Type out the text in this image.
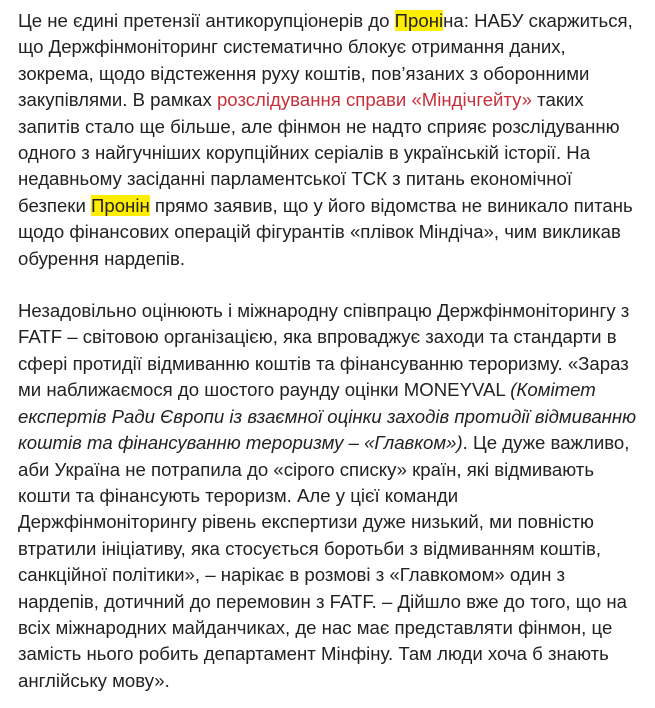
Це не єдині претензії антикорупціонерів до Проніна: НАБУ скаржиться, що Держфінмоніторинг систематично блокує отримання даних, зокрема, щодо відстеження руху коштів, пов’язаних з оборонними закупівлями. В рамках розслідування справи «Міндічгейту» таких запитів стало ще більше, але фінмон не надто сприяє розслідуванню одного з найгучніших корупційних серіалів в українській історії. На недавньому засіданні парламентської ТСК з питань економічної безпеки Пронін прямо заявив, що у його відомства не виникало питань щодо фінансових операцій фігурантів «плівок Міндіча», чим викликав обурення нардепів.

Незадовільно оцінюють і міжнародну співпрацю Держфінмоніторингу з FATF – світовою організацією, яка впроваджує заходи та стандарти в сфері протидії відмиванню коштів та фінансуванню тероризму. «Зараз ми наближаємося до шостого раунду оцінки MONEYVAL (Комітет експертів Ради Європи із взаємної оцінки заходів протидії відмиванню коштів та фінансуванню тероризму – «Главком»). Це дуже важливо, аби Україна не потрапила до «сірого списку» країн, які відмивають кошти та фінансують тероризм. Але у цієї команди Держфінмоніторингу рівень експертизи дуже низький, ми повністю втратили ініціативу, яка стосується боротьби з відмиванням коштів, санкційної політики», – нарікає в розмові з «Главкомом» один з нардепів, дотичний до перемовин з FATF. – Дійшло вже до того, що на всіх міжнародних майданчиках, де нас має представляти фінмон, це замість нього робить департамент Мінфіну. Там люди хоча б знають англійську мову».
